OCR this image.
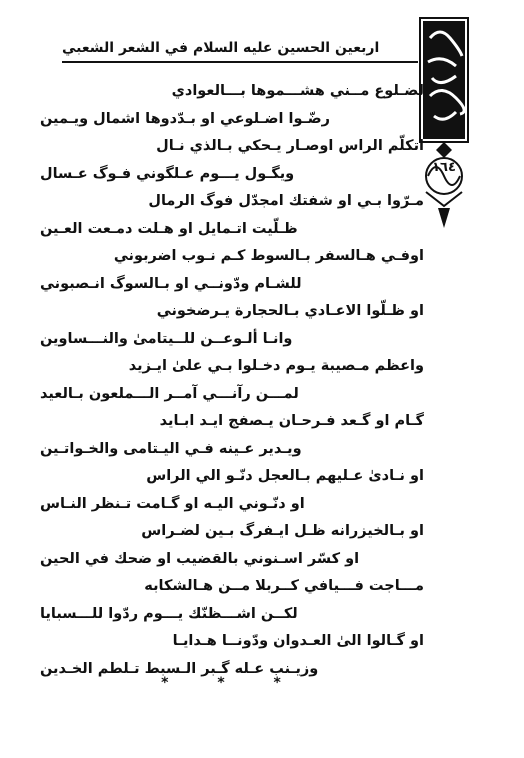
اربعين الحسين عليه السلام في الشعر الشعبي
١٦٤
لضـلوع مــني هشـــموها بـــالعوادي
رضّـوا اضـلوعي او بـدّدوها اشمال ويـمين
اتكلّم الراس اوصـار يـحكي بـالذي نـال
ويگـول يـــوم عـلگوني فـوگ عـسال
مـرّوا بـي او شفتك امجدّل فوگ الرمال
ظـلّيت اتـمايل او هـلت دمـعت العـين
اوفـي هـالسفر بـالسوط كـم نـوب اضربوني
للشـام ودّونــي او بـالسوگ انـصبوني
او ظـلّوا الاعـادي بـالحجارة يـرضخوني
وانـا ألـوعــن للــيتامىٰ والنـــساوين
واعظم مـصيبة يـوم دخـلوا بـي علىٰ ايـزيد
لمـــن رآنـــي آمــر الـــملعون بـالعيد
گـام او گـعد فـرحـان يـصفج ايـد ابـايد
ويـدير عـينه فـي اليـتامى والخـواتـين
او نـادىٰ عـليهم بـالعجل دنّـو الي الراس
او دنّـوني اليـه او گـامت تـنظر النـاس
او بـالخيزرانه ظـل ايـفرگ بـين لضـراس
او كسّر اسـنوني بالقضيب او ضحك في الحين
مـــاجت فـــيافي كــربلا مــن هـالشكابه
لكــن اشـــظنّك يـــوم ردّوا للـــسبايا
او گـالوا الىٰ العـدوان ودّونــا هـدايـا
وزيـنب عـله گـبر الـسبط تـلطم الخـدين
* * *
